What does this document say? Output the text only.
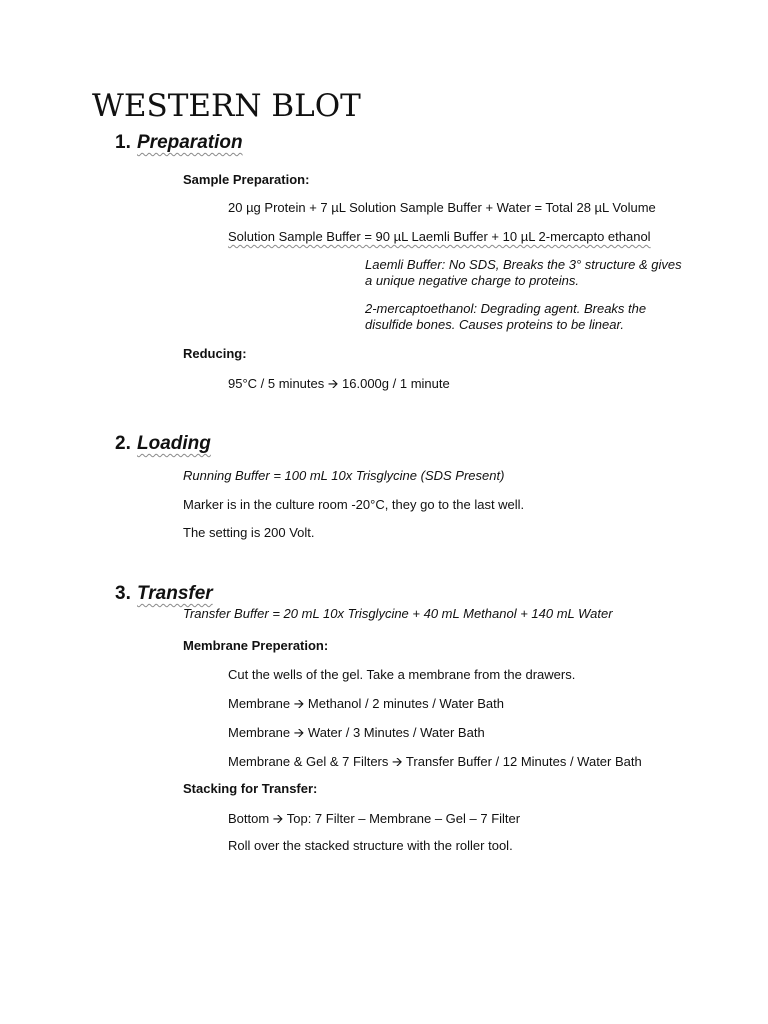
WESTERN BLOT
1. Preparation
Sample Preparation:
20 µg Protein + 7 µL Solution Sample Buffer + Water = Total 28 µL Volume
Solution Sample Buffer = 90 µL Laemli Buffer + 10 µL 2-mercapto ethanol
Laemli Buffer: No SDS, Breaks the 3° structure & gives a unique negative charge to proteins.
2-mercaptoethanol: Degrading agent. Breaks the disulfide bones. Causes proteins to be linear.
Reducing:
95°C / 5 minutes 🡪 16.000g / 1 minute
2. Loading
Running Buffer = 100 mL 10x Trisglycine (SDS Present)
Marker is in the culture room -20°C, they go to the last well.
The setting is 200 Volt.
3. Transfer
Transfer Buffer = 20 mL 10x Trisglycine + 40 mL Methanol + 140 mL Water
Membrane Preperation:
Cut the wells of the gel. Take a membrane from the drawers.
Membrane 🡪 Methanol / 2 minutes / Water Bath
Membrane 🡪 Water / 3 Minutes / Water Bath
Membrane & Gel & 7 Filters 🡪 Transfer Buffer / 12 Minutes / Water Bath
Stacking for Transfer:
Bottom 🡪 Top: 7 Filter – Membrane – Gel – 7 Filter
Roll over the stacked structure with the roller tool.
